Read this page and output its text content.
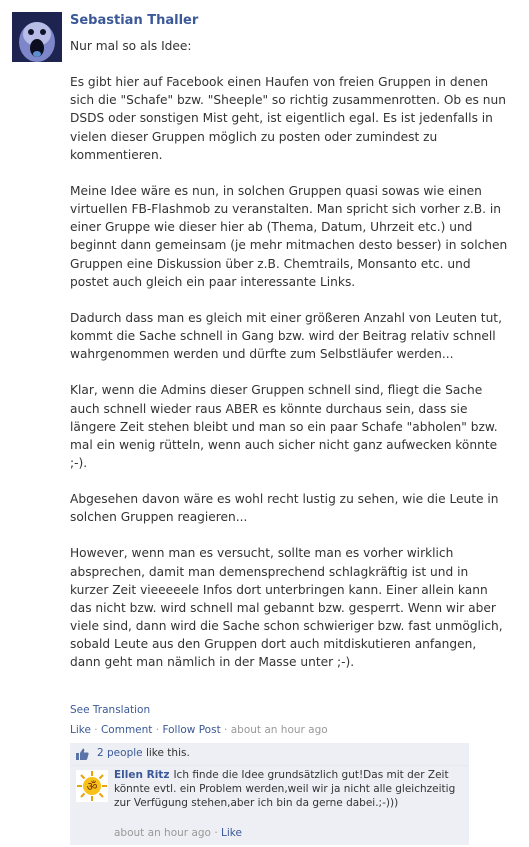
Sebastian Thaller

Nur mal so als Idee:

Es gibt hier auf Facebook einen Haufen von freien Gruppen in denen sich die "Schafe" bzw. "Sheeple" so richtig zusammenrotten. Ob es nun DSDS oder sonstigen Mist geht, ist eigentlich egal. Es ist jedenfalls in vielen dieser Gruppen möglich zu posten oder zumindest zu kommentieren.

Meine Idee wäre es nun, in solchen Gruppen quasi sowas wie einen virtuellen FB-Flashmob zu veranstalten. Man spricht sich vorher z.B. in einer Gruppe wie dieser hier ab (Thema, Datum, Uhrzeit etc.) und beginnt dann gemeinsam (je mehr mitmachen desto besser) in solchen Gruppen eine Diskussion über z.B. Chemtrails, Monsanto etc. und postet auch gleich ein paar interessante Links.

Dadurch dass man es gleich mit einer größeren Anzahl von Leuten tut, kommt die Sache schnell in Gang bzw. wird der Beitrag relativ schnell wahrgenommen werden und dürfte zum Selbstläufer werden...

Klar, wenn die Admins dieser Gruppen schnell sind, fliegt die Sache auch schnell wieder raus ABER es könnte durchaus sein, dass sie längere Zeit stehen bleibt und man so ein paar Schafe "abholen" bzw. mal ein wenig rütteln, wenn auch sicher nicht ganz aufwecken könnte ;-).

Abgesehen davon wäre es wohl recht lustig zu sehen, wie die Leute in solchen Gruppen reagieren...

However, wenn man es versucht, sollte man es vorher wirklich absprechen, damit man demensprechend schlagkräftig ist und in kurzer Zeit vieeeeele Infos dort unterbringen kann. Einer allein kann das nicht bzw. wird schnell mal gebannt bzw. gesperrt. Wenn wir aber viele sind, dann wird die Sache schon schwieriger bzw. fast unmöglich, sobald Leute aus den Gruppen dort auch mitdiskutieren anfangen, dann geht man nämlich in der Masse unter ;-).

See Translation
Like · Comment · Follow Post · about an hour ago
2 people like this.
ॐ
Ellen Ritz Ich finde die Idee grundsätzlich gut!Das mit der Zeit könnte evtl. ein Problem werden,weil wir ja nicht alle gleichzeitig zur Verfügung stehen,aber ich bin da gerne dabei.;-)))
about an hour ago · Like
